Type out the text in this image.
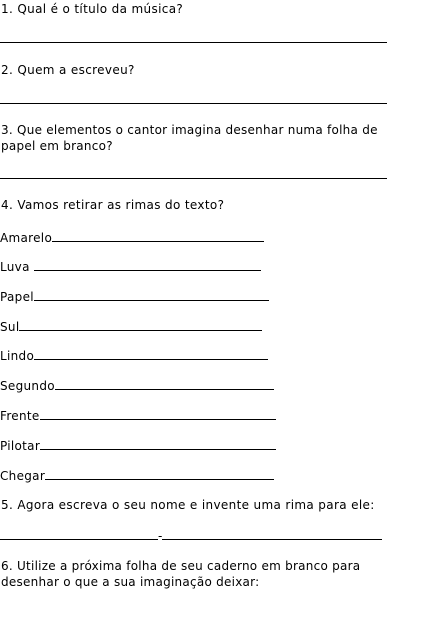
1. Qual é o título da música?
2. Quem a escreveu?
3. Que elementos o cantor imagina desenhar numa folha de papel em branco?
4. Vamos retirar as rimas do texto?
Amarelo
Luva
Papel
Sul
Lindo
Segundo
Frente
Pilotar
Chegar
5. Agora escreva o seu nome e invente uma rima para ele:
-
6. Utilize a próxima folha de seu caderno em branco para desenhar o que a sua imaginação deixar:
